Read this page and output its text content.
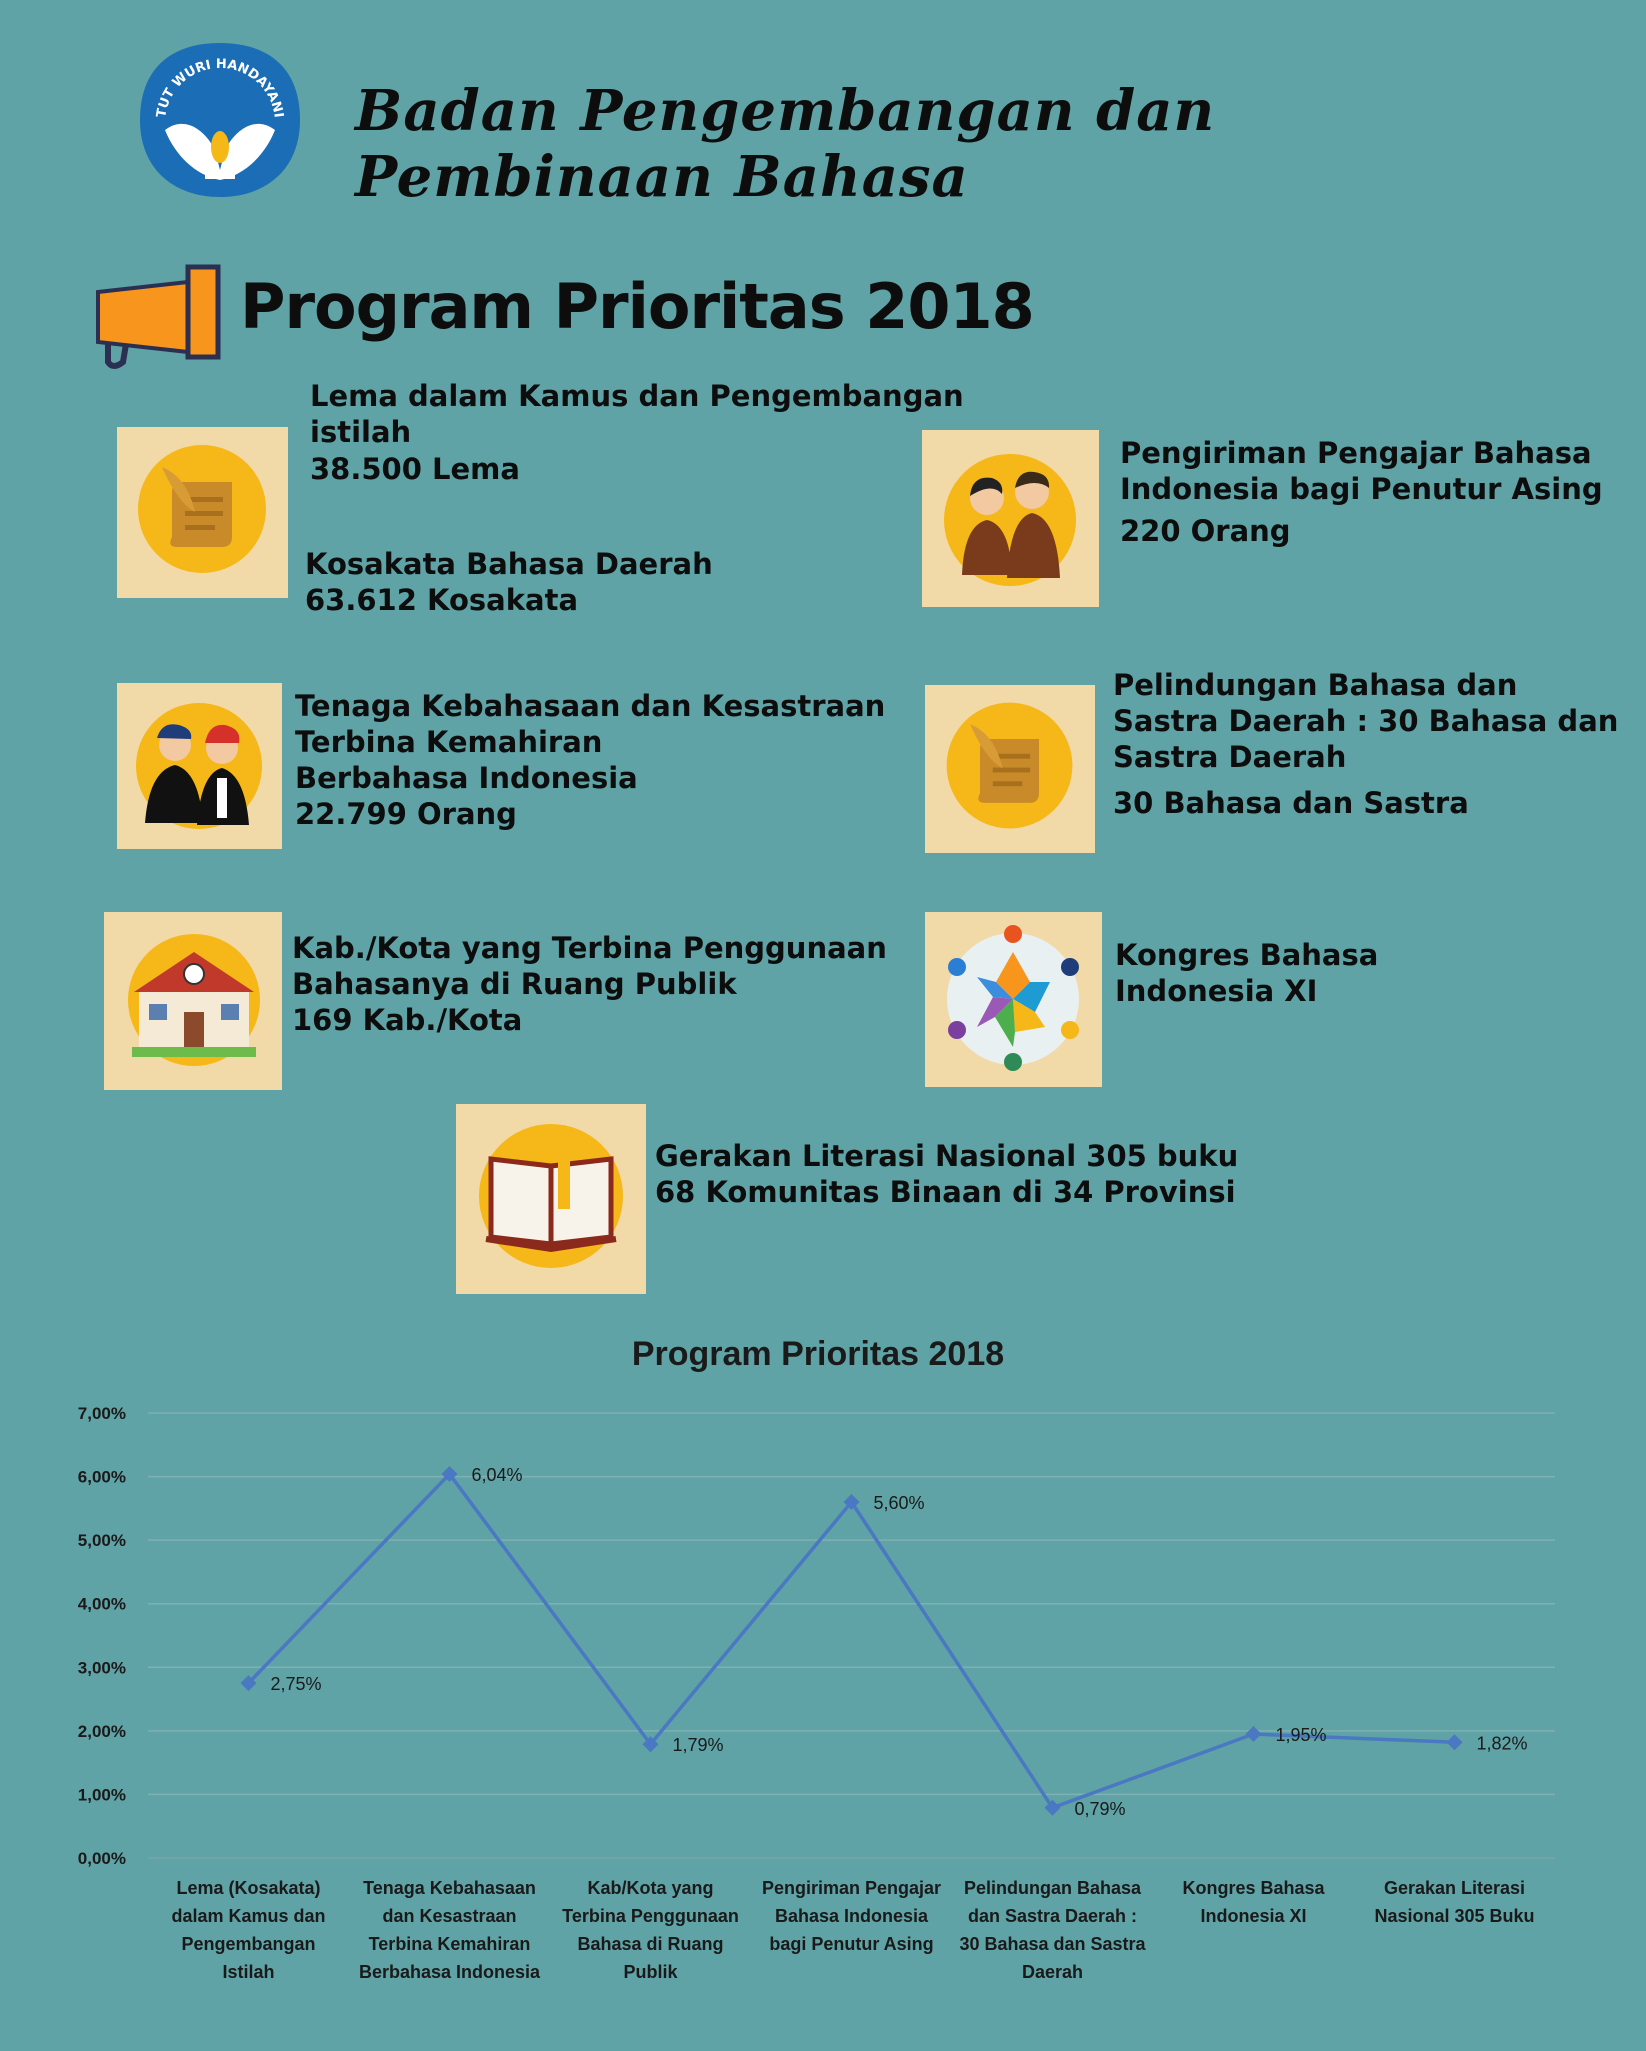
TUT WURI HANDAYANI Badan Pengembangan dan Pembinaan Bahasa
Program Prioritas 2018
Lema dalam Kamus dan Pengembangan
istilah
38.500 Lema
Kosakata Bahasa Daerah
63.612 Kosakata
Pengiriman Pengajar Bahasa
Indonesia bagi Penutur Asing
220 Orang
Tenaga Kebahasaan dan Kesastraan
Terbina Kemahiran
Berbahasa Indonesia
22.799 Orang
Pelindungan Bahasa dan
Sastra Daerah : 30 Bahasa dan
Sastra Daerah
30 Bahasa dan Sastra
Kab./Kota yang Terbina Penggunaan
Bahasanya di Ruang Publik
169 Kab./Kota
Kongres Bahasa
Indonesia XI
Gerakan Literasi Nasional 305 buku
68 Komunitas Binaan di 34 Provinsi
Program Prioritas 2018
0,00%
1,00%
2,00%
3,00%
4,00%
5,00%
6,00%
7,00%
2,75%
6,04%
1,79%
5,60%
0,79%
1,95%	1,82%
Lema (Kosakata) dalam Kamus dan Pengembangan Istilah
Tenaga Kebahasaan dan Kesastraan Terbina Kemahiran Berbahasa Indonesia
Kab/Kota yang Terbina Penggunaan Bahasa di Ruang Publik
Pengiriman Pengajar Bahasa Indonesia bagi Penutur Asing
Pelindungan Bahasa dan Sastra Daerah : 30 Bahasa dan Sastra Daerah
Kongres Bahasa Indonesia XI
Gerakan Literasi Nasional 305 Buku
